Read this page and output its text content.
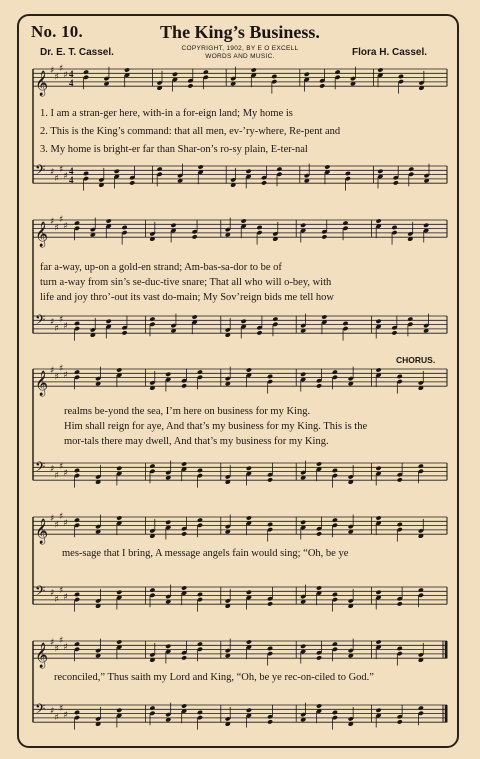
No. 10.	The King’s Business.
Dr. E. T. Cassel.	COPYRIGHT, 1902, BY E O EXCELL
WORDS AND MUSIC.	Flora H. Cassel.
𝄞
♯
♯
♯
♯ 4
4
𝄢 ♯
♯
♯
♯
4
4
𝄞
♯
♯
♯
♯
𝄢 ♯
♯
♯
♯
𝄞
♯
♯
♯
♯
𝄢 ♯
♯
♯
♯
𝄞
♯
♯
♯
♯
𝄢 ♯
♯
♯
♯
𝄞
♯
♯
♯
♯
𝄢 ♯
♯
♯
♯
1. I am a stran-ger here, with-in a for-eign land; My home is
2. This is the King’s command: that all men, ev-’ry-where, Re-pent and
3. My home is bright-er far than Shar-on’s ro-sy plain, E-ter-nal
far a-way, up-on a gold-en strand; Am-bas-sa-dor to be of
turn a-way from sin’s se-duc-tive snare; That all who will o-bey, with
life and joy thro’-out its vast do-main; My Sov’reign bids me tell how
CHORUS.
realms be-yond the sea, I’m here on business for my King.
Him shall reign for aye, And that’s my business for my King. This is the
mor-tals there may dwell, And that’s my business for my King.
mes-sage that I bring, A message angels fain would sing; “Oh, be ye
reconciled,” Thus saith my Lord and King, “Oh, be ye rec-on-ciled to God.”
